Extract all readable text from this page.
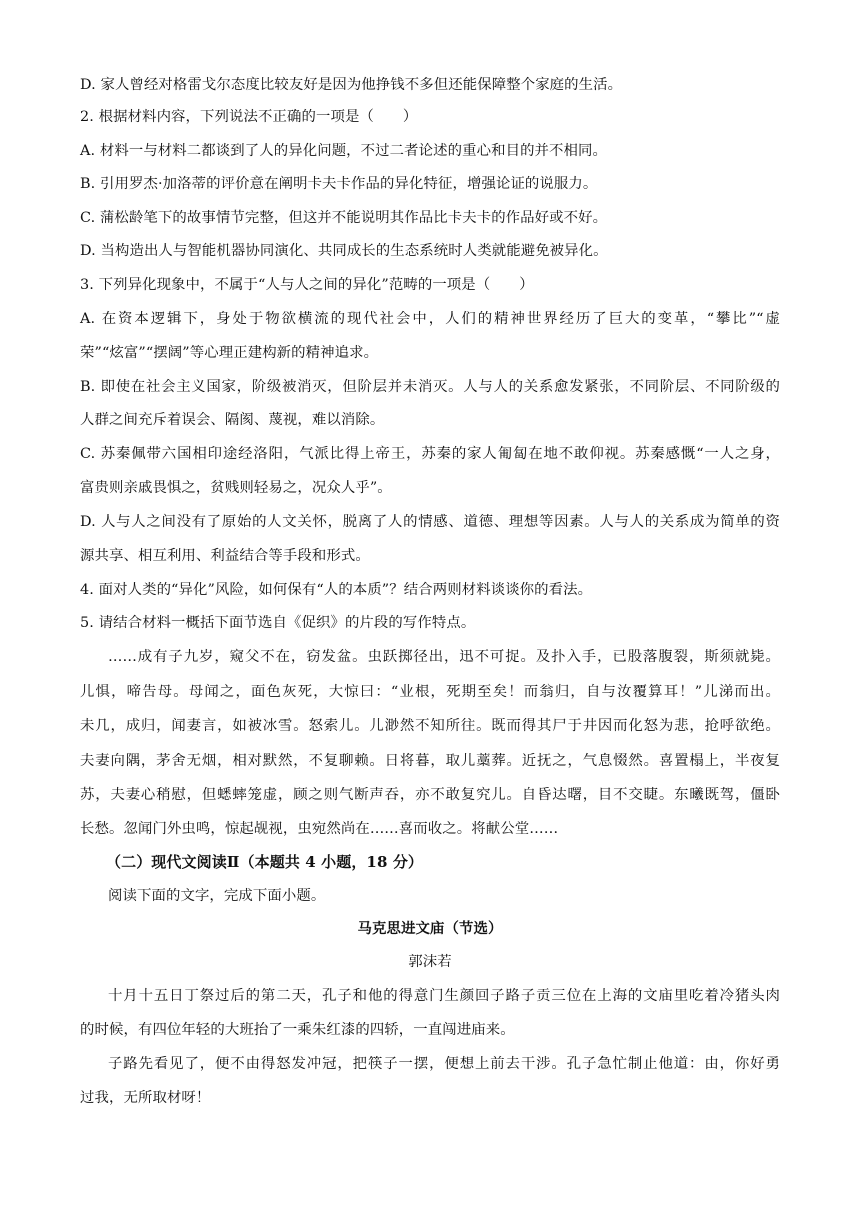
D. 家人曾经对格雷戈尔态度比较友好是因为他挣钱不多但还能保障整个家庭的生活。
2. 根据材料内容，下列说法不正确的一项是（　　）
A. 材料一与材料二都谈到了人的异化问题，不过二者论述的重心和目的并不相同。
B. 引用罗杰·加洛蒂的评价意在阐明卡夫卡作品的异化特征，增强论证的说服力。
C. 蒲松龄笔下的故事情节完整，但这并不能说明其作品比卡夫卡的作品好或不好。
D. 当构造出人与智能机器协同演化、共同成长的生态系统时人类就能避免被异化。
3. 下列异化现象中，不属于“人与人之间的异化”范畴的一项是（　　）
A. 在资本逻辑下，身处于物欲横流的现代社会中，人们的精神世界经历了巨大的变革，“攀比”“虚
荣”“炫富”“摆阔”等心理正建构新的精神追求。
B. 即使在社会主义国家，阶级被消灭，但阶层并未消灭。人与人的关系愈发紧张，不同阶层、不同阶级的
人群之间充斥着误会、隔阂、蔑视，难以消除。
C. 苏秦佩带六国相印途经洛阳，气派比得上帝王，苏秦的家人匍匐在地不敢仰视。苏秦感慨“一人之身，
富贵则亲戚畏惧之，贫贱则轻易之，况众人乎”。
D. 人与人之间没有了原始的人文关怀，脱离了人的情感、道德、理想等因素。人与人的关系成为简单的资
源共享、相互利用、利益结合等手段和形式。
4. 面对人类的“异化”风险，如何保有“人的本质”？结合两则材料谈谈你的看法。
5. 请结合材料一概括下面节选自《促织》的片段的写作特点。
……成有子九岁，窥父不在，窃发盆。虫跃掷径出，迅不可捉。及扑入手，已股落腹裂，斯须就毙。
儿惧，啼告母。母闻之，面色灰死，大惊曰：“业根，死期至矣！而翁归，自与汝覆算耳！”儿涕而出。
未几，成归，闻妻言，如被冰雪。怒索儿。儿渺然不知所往。既而得其尸于井因而化怒为悲，抢呼欲绝。
夫妻向隅，茅舍无烟，相对默然，不复聊赖。日将暮，取儿藁葬。近抚之，气息惙然。喜置榻上，半夜复
苏，夫妻心稍慰，但蟋蟀笼虚，顾之则气断声吞，亦不敢复究儿。自昏达曙，目不交睫。东曦既驾，僵卧
长愁。忽闻门外虫鸣，惊起觇视，虫宛然尚在……喜而收之。将献公堂……
（二）现代文阅读Ⅱ（本题共 4 小题，18 分）
阅读下面的文字，完成下面小题。
马克思进文庙（节选）
郭沫若
十月十五日丁祭过后的第二天，孔子和他的得意门生颜回子路子贡三位在上海的文庙里吃着冷猪头肉
的时候，有四位年轻的大班抬了一乘朱红漆的四轿，一直闯进庙来。
子路先看见了，便不由得怒发冲冠，把筷子一摆，便想上前去干涉。孔子急忙制止他道：由，你好勇
过我，无所取材呀！
